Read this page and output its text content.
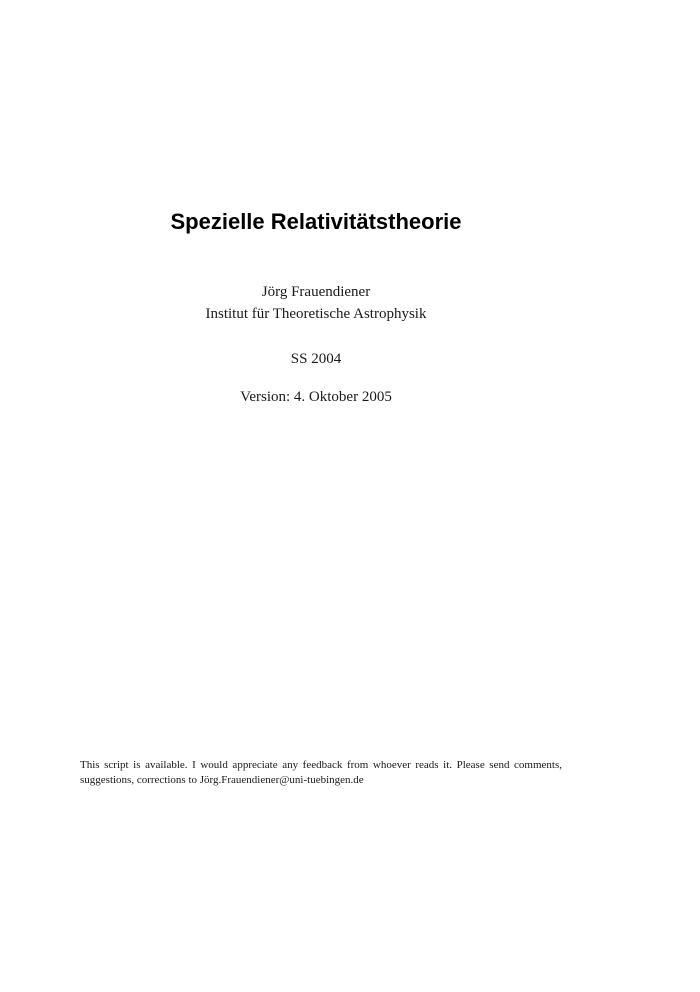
Spezielle Relativitätstheorie

Jörg Frauendiener

Institut für Theoretische Astrophysik

SS 2004

Version: 4. Oktober 2005

This script is available. I would appreciate any feedback from whoever reads it. Please send comments, suggestions, corrections to Jörg.Frauendiener@uni-tuebingen.de
